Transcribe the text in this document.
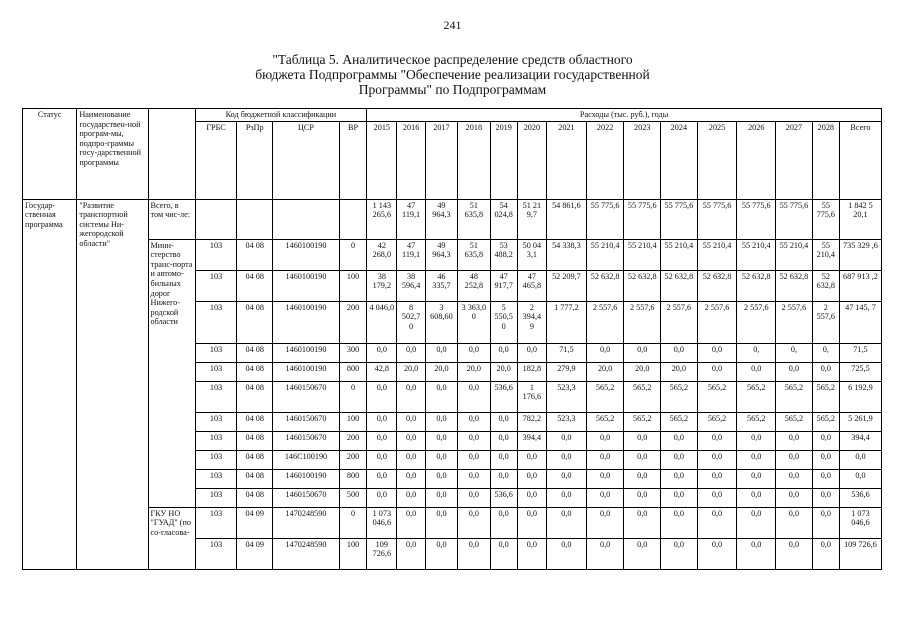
241
"Таблица 5. Аналитическое распределение средств областного
бюджета Подпрограммы "Обеспечение реализации государственной
Программы" по Подпрограммам
Статус	Наименование государствен-ной програм-мы, подпро-граммы госу-дарственной программы		Код бюджетной классификации				Расходы (тыс. руб.), годы														
			ГРБС	РзПр	ЦСР	ВР	2015	2016	2017	2018	2019	2020	2021	2022	2023	2024	2025	2026	2027	2028	Всего
Государ-ственная программа	"Развитие транспортной системы Ни-жегородской области"	Всего, в том чис-ле:					1 143 265,6	47 119,1	49 964,3	51 635,8	54 024,8	51 21 9,7	54 861,6	55 775,6	55 775,6	55 775,6	55 775,6	55 775,6	55 775,6	55 775,6	1 842 5 20,1
		Мини-стерство транс-порта и автомо-бильных дорог Нижего-родской области	103	04 08	1460100190	0	42 268,0	47 119,1	49 964,3	51 635,8	53 488,2	50 04 3,1	54 338,3	55 210,4	55 210,4	55 210,4	55 210,4	55 210,4	55 210,4	55 210,4	735 329 ,6
			103	04 08	1460100190	100	38 179,2	38 596,4	46 335,7	48 252,8	47 917,7	47 465,8	52 209,7	52 632,8	52 632,8	52 632,8	52 632,8	52 632,8	52 632,8	52 632,8	687 913 ,2
			103	04 08	1460100190	200	4 046,0	8 502,7 0	3 608,60	3 363,0 0	5 550,5 0	2 394,4 9	1 777,2	2 557,6	2 557,6	2 557,6	2 557,6	2 557,6	2 557,6	2 557,6	47 145, 7
			103	04 08	1460100190	300	0,0	0,0	0,0	0,0	0,0	0,0	71,5	0,0	0,0	0,0	0,0	0,	0,	0,	71,5
			103	04 08	1460100190	800	42,8	20,0	20,0	20,0	20,0	182,8	279,9	20,0	20,0	20,0	0,0	0,0	0,0	0,0	725,5
			103	04 08	1460150670	0	0,0	0,0	0,0	0,0	536,6	1 176,6	523,3	565,2	565,2	565,2	565,2	565,2	565,2	565,2	6 192,9
			103	04 08	1460150670	100	0,0	0,0	0,0	0,0	0,0	782,2	523,3	565,2	565,2	565,2	565,2	565,2	565,2	565,2	5 261,9
			103	04 08	1460150670	200	0,0	0,0	0,0	0,0	0,0	394,4	0,0	0,0	0,0	0,0	0,0	0,0	0,0	0,0	394,4
			103	04 08	146С100190	200	0,0	0,0	0,0	0,0	0,0	0,0	0,0	0,0	0,0	0,0	0,0	0,0	0,0	0,0	0,0
			103	04 08	1460100190	800	0,0	0,0	0,0	0,0	0,0	0,0	0,0	0,0	0,0	0,0	0,0	0,0	0,0	0,0	0,0
			103	04 08	1460150670	500	0,0	0,0	0,0	0,0	536,6	0,0	0,0	0,0	0,0	0,0	0,0	0,0	0,0	0,0	536,6
		ГКУ НО "ГУАД" (по со-гласова-	103	04 09	1470248590	0	1 073 046,6	0,0	0,0	0,0	0,0	0,0	0,0	0,0	0,0	0,0	0,0	0,0	0,0	0,0	1 073 046,6
			103	04 09	1470248590	100	109 726,6	0,0	0,0	0,0	0,0	0,0	0,0	0,0	0,0	0,0	0,0	0,0	0,0	0,0	109 726,6
